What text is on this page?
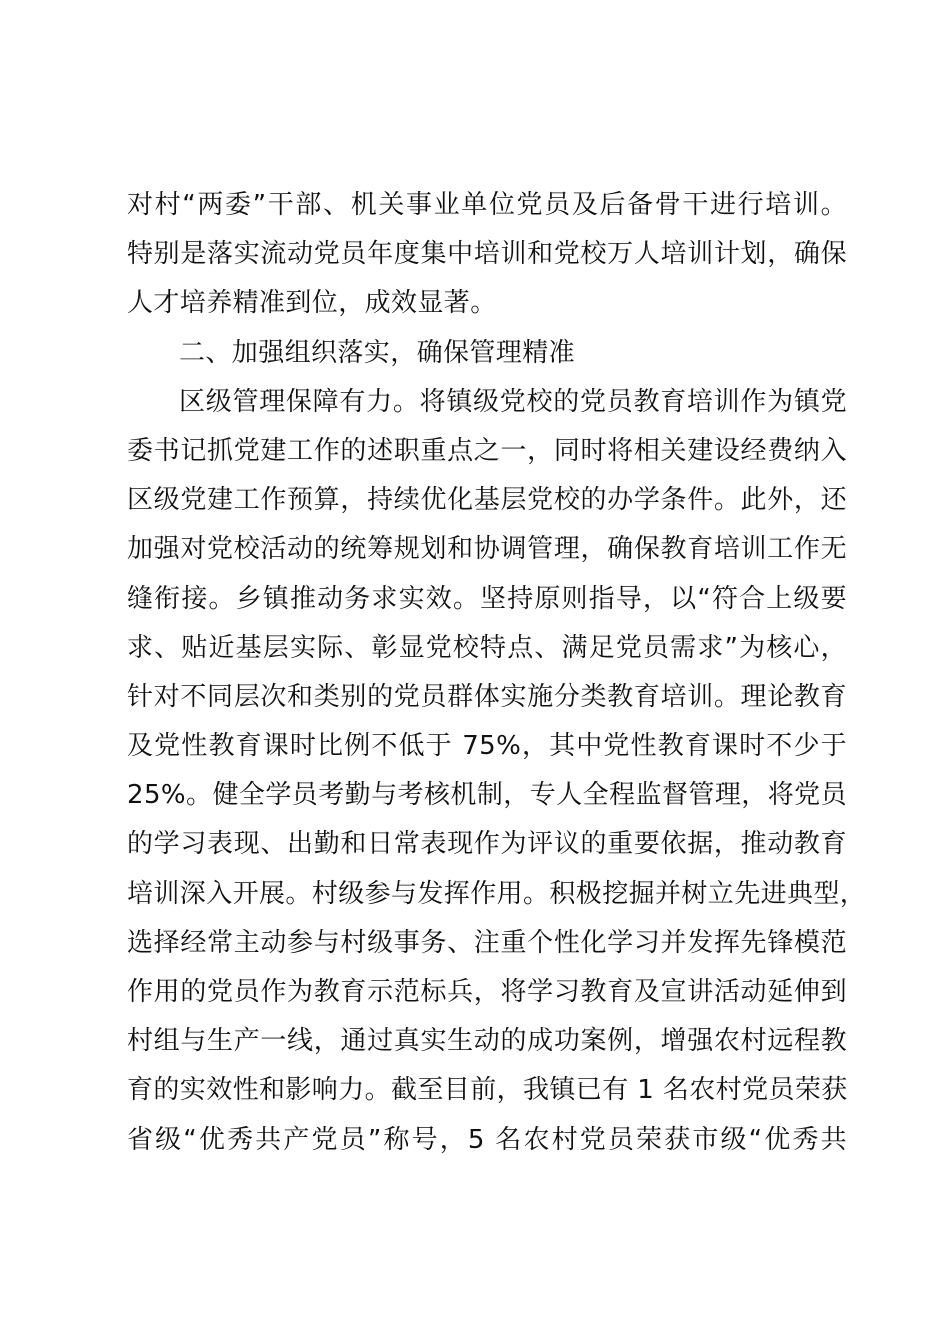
对村“两委”干部、机关事业单位党员及后备骨干进行培训。
特别是落实流动党员年度集中培训和党校万人培训计划，确保
人才培养精准到位，成效显著。
二、加强组织落实，确保管理精准
区级管理保障有力。将镇级党校的党员教育培训作为镇党
委书记抓党建工作的述职重点之一，同时将相关建设经费纳入
区级党建工作预算，持续优化基层党校的办学条件。此外，还
加强对党校活动的统筹规划和协调管理，确保教育培训工作无
缝衔接。乡镇推动务求实效。坚持原则指导，以“符合上级要
求、贴近基层实际、彰显党校特点、满足党员需求”为核心，
针对不同层次和类别的党员群体实施分类教育培训。理论教育
及党性教育课时比例不低于 75%，其中党性教育课时不少于
25%。健全学员考勤与考核机制，专人全程监督管理，将党员
的学习表现、出勤和日常表现作为评议的重要依据，推动教育
培训深入开展。村级参与发挥作用。积极挖掘并树立先进典型，
选择经常主动参与村级事务、注重个性化学习并发挥先锋模范
作用的党员作为教育示范标兵，将学习教育及宣讲活动延伸到
村组与生产一线，通过真实生动的成功案例，增强农村远程教
育的实效性和影响力。截至目前，我镇已有 1 名农村党员荣获
省级“优秀共产党员”称号，5 名农村党员荣获市级“优秀共
